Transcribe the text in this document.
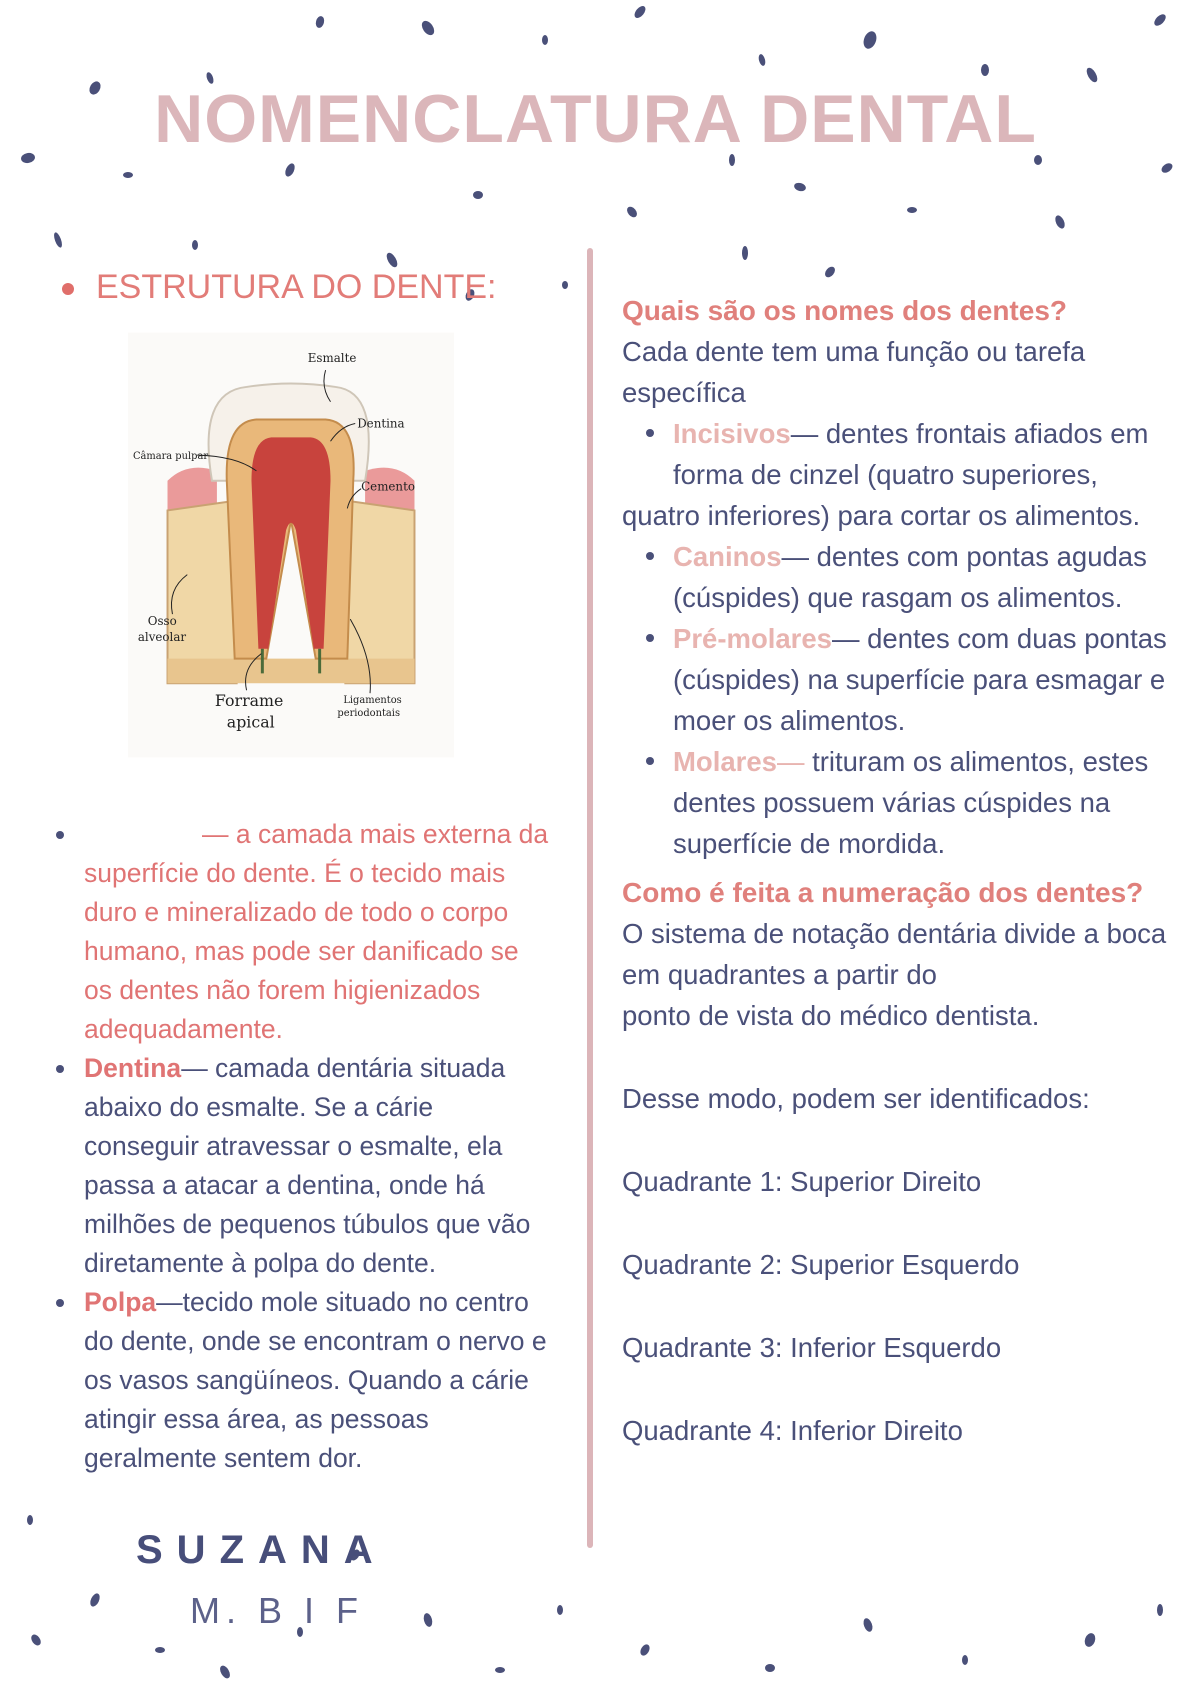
NOMENCLATURA DENTAL
ESTRUTURA DO DENTE:
Esmalte
Dentina
Câmara pulpar
Cemento
Osso
alveolar
Forrame
apical
Ligamentos
periodontais
— a camada mais externa da superfície do dente. É o tecido mais duro e mineralizado de todo o corpo humano, mas pode ser danificado se os dentes não forem higienizados adequadamente.
Dentina— camada dentária situada abaixo do esmalte. Se a cárie conseguir atravessar o esmalte, ela passa a atacar a dentina, onde há milhões de pequenos túbulos que vão diretamente à polpa do dente.
Polpa—tecido mole situado no centro do dente, onde se encontram o nervo e os vasos sangüíneos. Quando a cárie atingir essa área, as pessoas geralmente sentem dor.

Quais são os nomes dos dentes?

Cada dente tem uma função ou tarefa específica

Incisivos— dentes frontais afiados em forma de cinzel (quatro superiores,

quatro inferiores) para cortar os alimentos.

Caninos— dentes com pontas agudas (cúspides) que rasgam os alimentos.
Pré-molares— dentes com duas pontas (cúspides) na superfície para esmagar e moer os alimentos.
Molares— trituram os alimentos, estes dentes possuem várias cúspides na superfície de mordida.

Como é feita a numeração dos dentes?

O sistema de notação dentária divide a boca em quadrantes a partir do

ponto de vista do médico dentista.

Desse modo, podem ser identificados:

Quadrante 1: Superior Direito

Quadrante 2: Superior Esquerdo

Quadrante 3: Inferior Esquerdo

Quadrante 4: Inferior Direito

SUZANA
M. B I F
